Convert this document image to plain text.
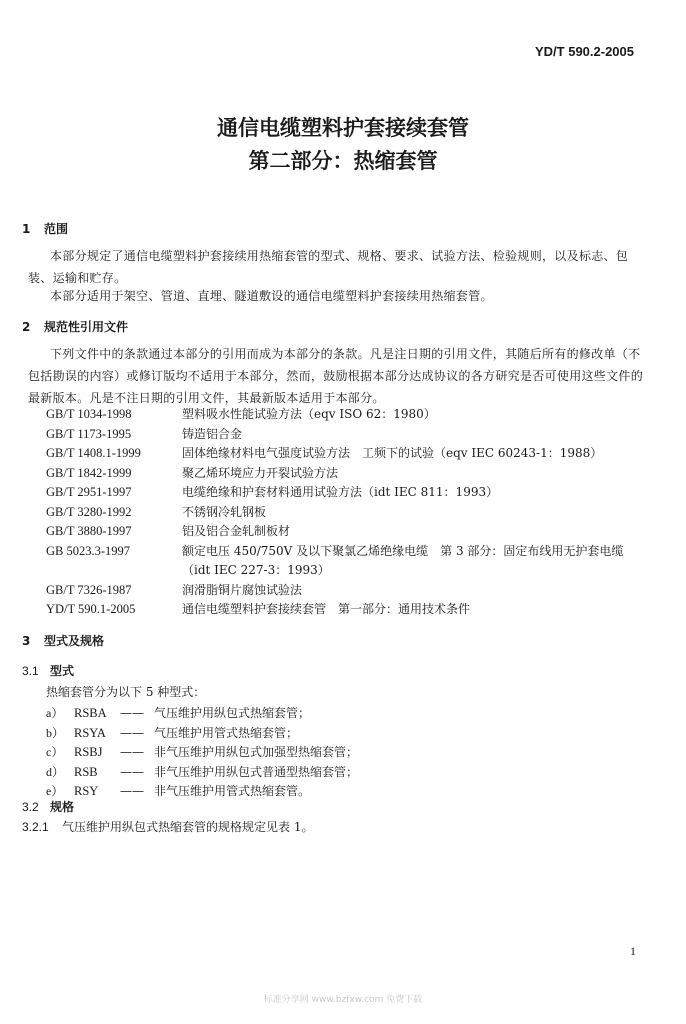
YD/T 590.2-2005
通信电缆塑料护套接续套管
第二部分：热缩套管
1 范围
本部分规定了通信电缆塑料护套接续用热缩套管的型式、规格、要求、试验方法、检验规则，以及标志、包装、运输和贮存。
本部分适用于架空、管道、直埋、隧道敷设的通信电缆塑料护套接续用热缩套管。
2 规范性引用文件
下列文件中的条款通过本部分的引用而成为本部分的条款。凡是注日期的引用文件，其随后所有的修改单（不包括勘误的内容）或修订版均不适用于本部分，然而，鼓励根据本部分达成协议的各方研究是否可使用这些文件的最新版本。凡是不注日期的引用文件，其最新版本适用于本部分。
GB/T 1034-1998	塑料吸水性能试验方法（eqv ISO 62：1980）
GB/T 1173-1995	铸造铝合金
GB/T 1408.1-1999	固体绝缘材料电气强度试验方法　工频下的试验（eqv IEC 60243-1：1988）
GB/T 1842-1999	聚乙烯环境应力开裂试验方法
GB/T 2951-1997	电缆绝缘和护套材料通用试验方法（idt IEC 811：1993）
GB/T 3280-1992	不锈钢冷轧钢板
GB/T 3880-1997	铝及铝合金轧制板材
GB 5023.3-1997	额定电压 450/750V 及以下聚氯乙烯绝缘电缆　第 3 部分：固定布线用无护套电缆（idt IEC 227-3：1993）
GB/T 7326-1987	润滑脂铜片腐蚀试验法
YD/T 590.1-2005	通信电缆塑料护套接续套管　第一部分：通用技术条件
3 型式及规格
3.1 型式
热缩套管分为以下 5 种型式：
a） RSBA	—— 气压维护用纵包式热缩套管；
b） RSYA	—— 气压维护用管式热缩套管；
c） RSBJ	—— 非气压维护用纵包式加强型热缩套管；
d） RSB	—— 非气压维护用纵包式普通型热缩套管；
e） RSY	—— 非气压维护用管式热缩套管。
3.2 规格
3.2.1 气压维护用纵包式热缩套管的规格规定见表 1。
1
标准分享网 www.bzfxw.com 免费下载
